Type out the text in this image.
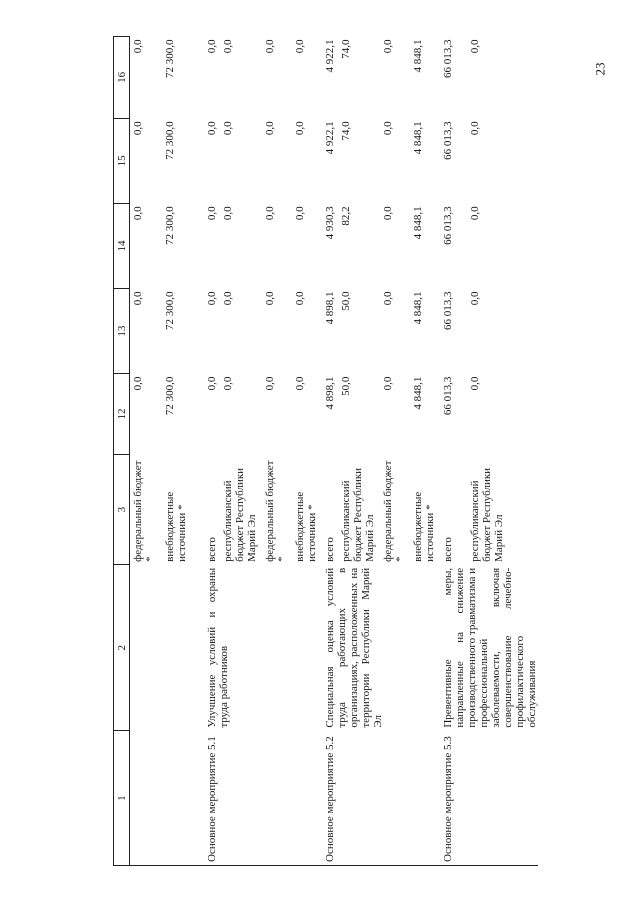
23
1	2	3	12	13	14	15	16
		федеральный бюджет *	0,0	0,0	0,0	0,0	0,0
		внебюджетные источники *	72 300,0	72 300,0	72 300,0	72 300,0	72 300,0
Основное мероприятие 5.1	Улучшение условий и охраны труда работников	всего	0,0	0,0	0,0	0,0	0,0
		республиканский бюджет Республики Марий Эл	0,0	0,0	0,0	0,0	0,0
		федеральный бюджет *	0,0	0,0	0,0	0,0	0,0
		внебюджетные источники *	0,0	0,0	0,0	0,0	0,0
Основное мероприятие 5.2	Специальная оценка условий труда работающих в организациях, расположенных на территории Республики Марий Эл	всего	4 898,1	4 898,1	4 930,3	4 922,1	4 922,1
		республиканский бюджет Республики Марий Эл	50,0	50,0	82,2	74,0	74,0
		федеральный бюджет *	0,0	0,0	0,0	0,0	0,0
		внебюджетные источники *	4 848,1	4 848,1	4 848,1	4 848,1	4 848,1
Основное мероприятие 5.3	Превентивные меры, направленные на снижение производственного травматизма и профессиональной заболеваемости, включая совершенствование лечебно-профилактического обслуживания	всего	66 013,3	66 013,3	66 013,3	66 013,3	66 013,3
		республиканский бюджет Республики Марий Эл	0,0	0,0	0,0	0,0	0,0
